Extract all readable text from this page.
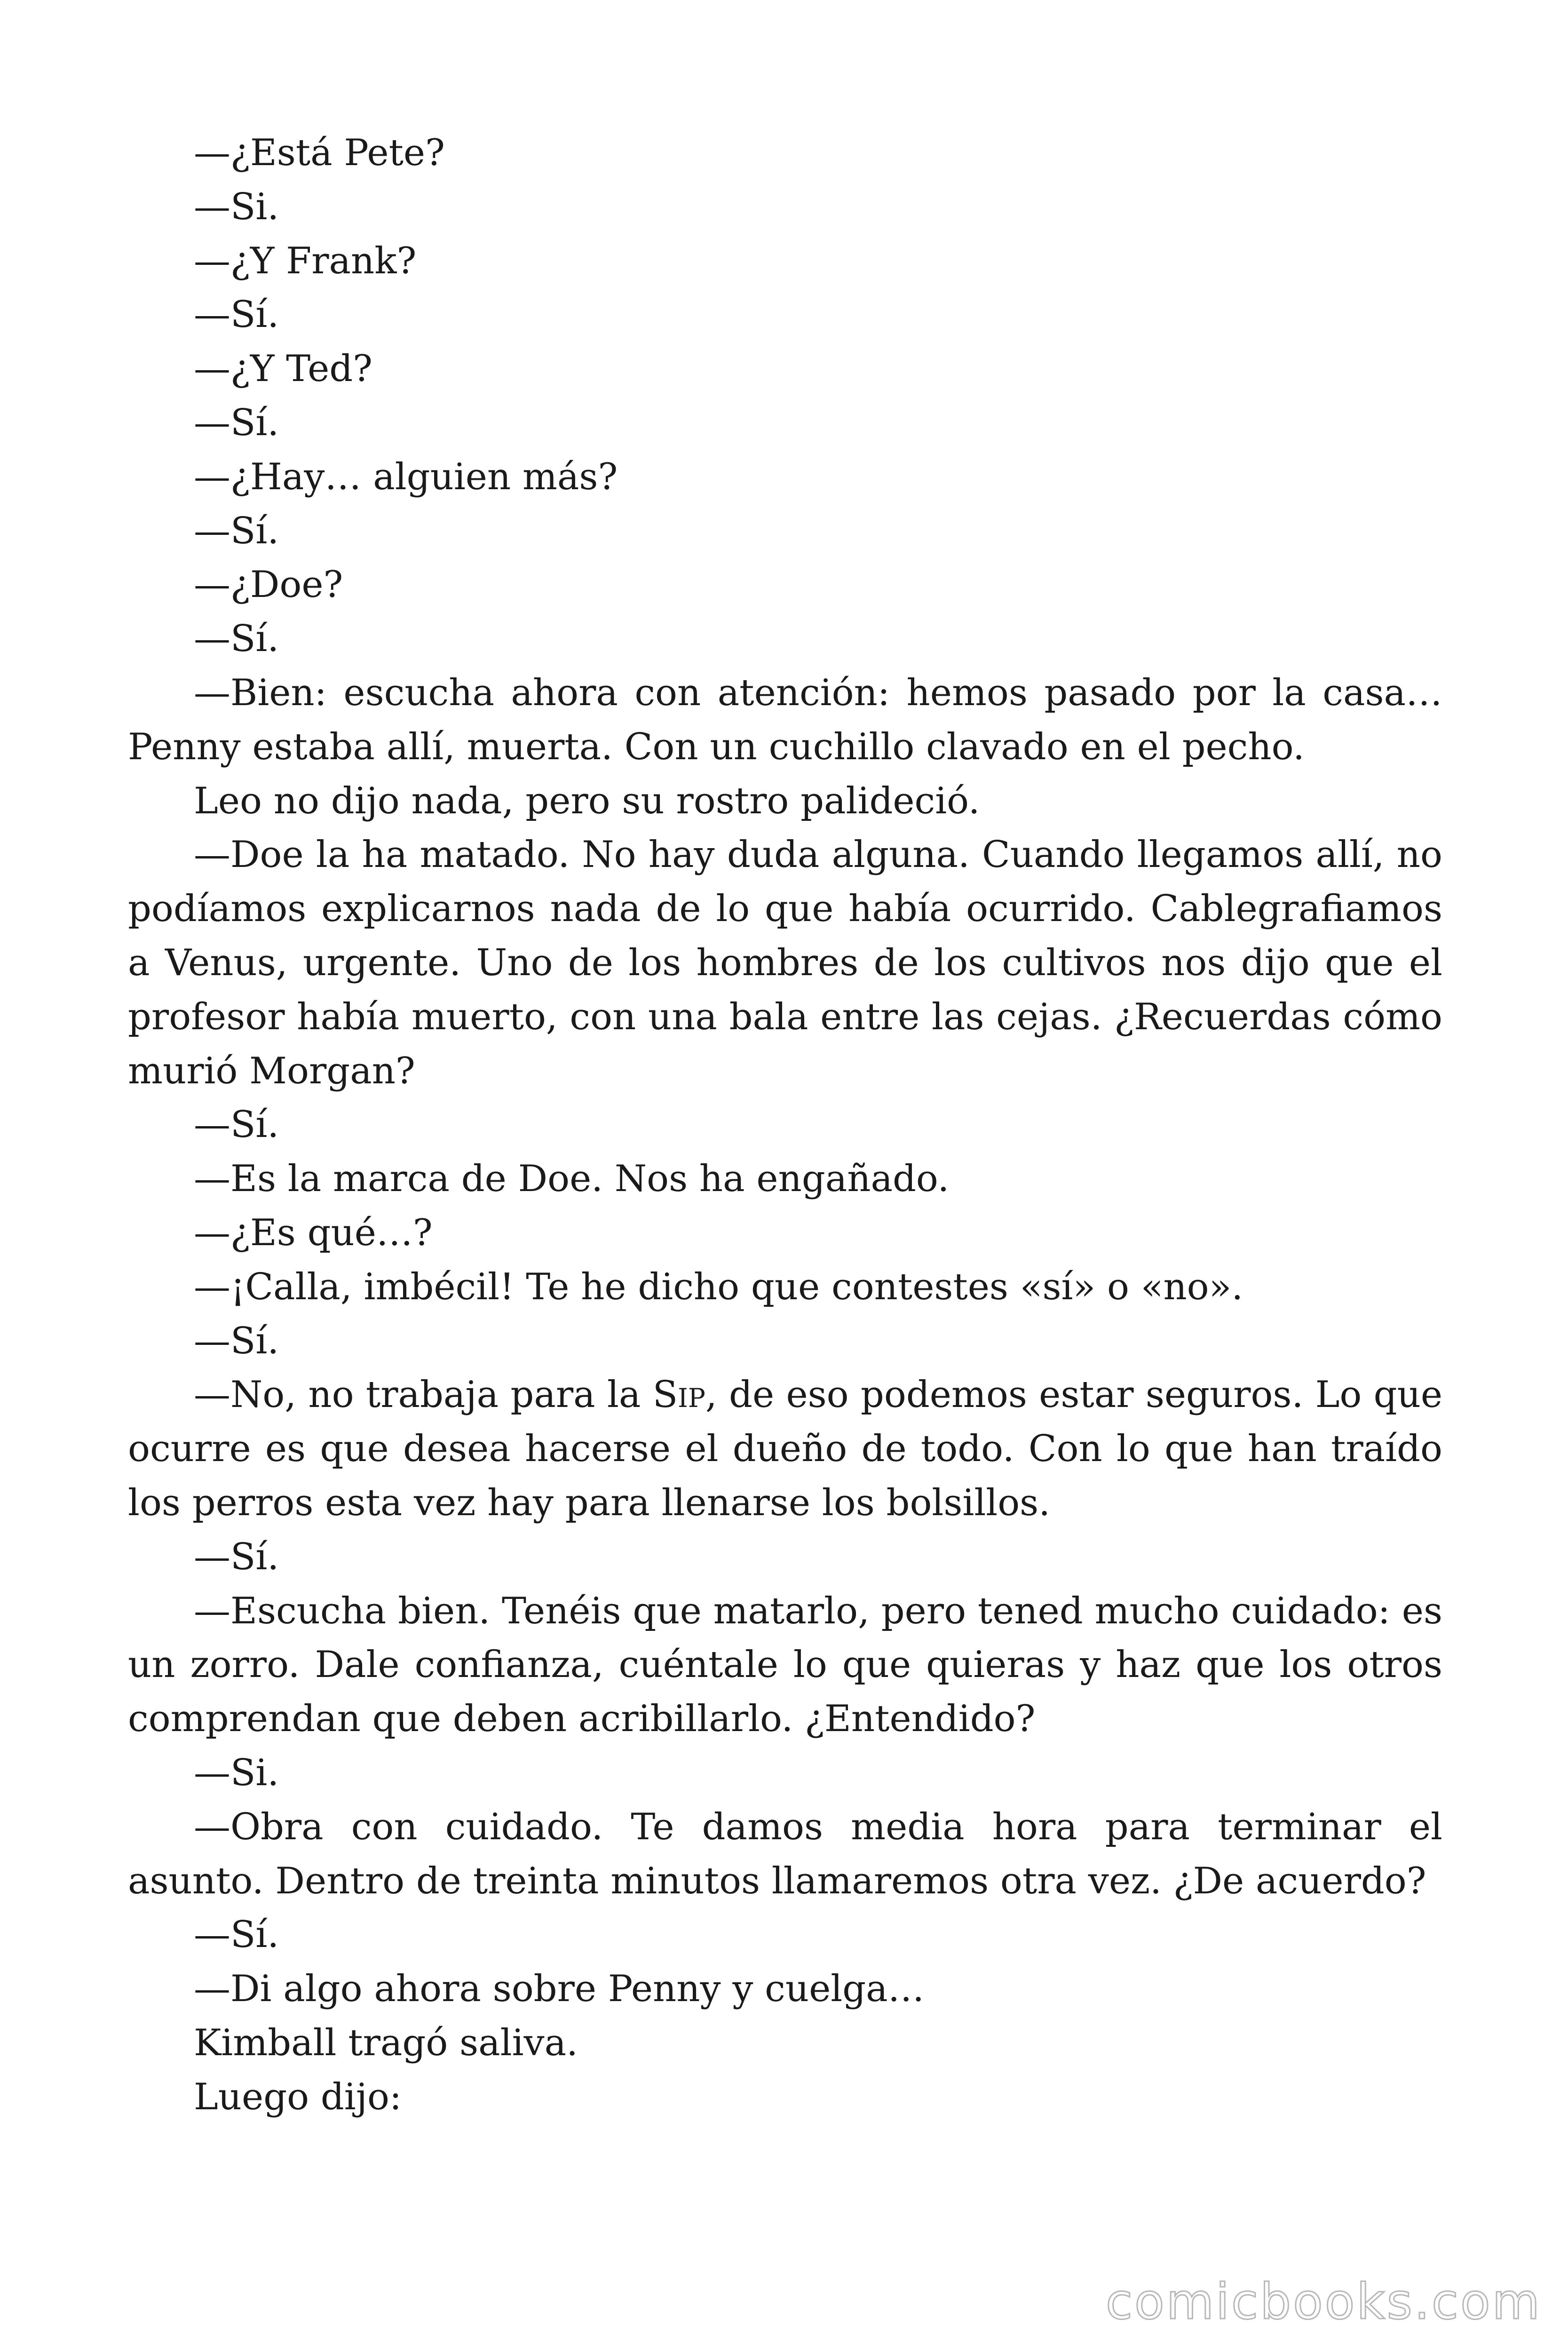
—¿Está Pete?

—Si.

—¿Y Frank?

—Sí.

—¿Y Ted?

—Sí.

—¿Hay… alguien más?

—Sí.

—¿Doe?

—Sí.

—Bien: escucha ahora con atención: hemos pasado por la casa… Penny estaba allí, muerta. Con un cuchillo clavado en el pecho.

Leo no dijo nada, pero su rostro palideció.

—Doe la ha matado. No hay duda alguna. Cuando llegamos allí, no podíamos explicarnos nada de lo que había ocurrido. Cablegrafiamos a Venus, urgente. Uno de los hombres de los cultivos nos dijo que el profesor había muerto, con una bala entre las cejas. ¿Recuerdas cómo murió Morgan?

—Sí.

—Es la marca de Doe. Nos ha engañado.

—¿Es qué…?

—¡Calla, imbécil! Te he dicho que contestes «sí» o «no».

—Sí.

—No, no trabaja para la Sip, de eso podemos estar seguros. Lo que ocurre es que desea hacerse el dueño de todo. Con lo que han traído los perros esta vez hay para llenarse los bolsillos.

—Sí.

—Escucha bien. Tenéis que matarlo, pero tened mucho cuidado: es un zorro. Dale confianza, cuéntale lo que quieras y haz que los otros comprendan que deben acribillarlo. ¿Entendido?

—Si.

—Obra con cuidado. Te damos media hora para terminar el asunto. Dentro de treinta minutos llamaremos otra vez. ¿De acuerdo?

—Sí.

—Di algo ahora sobre Penny y cuelga…

Kimball tragó saliva.

Luego dijo:

comicbooks.com
